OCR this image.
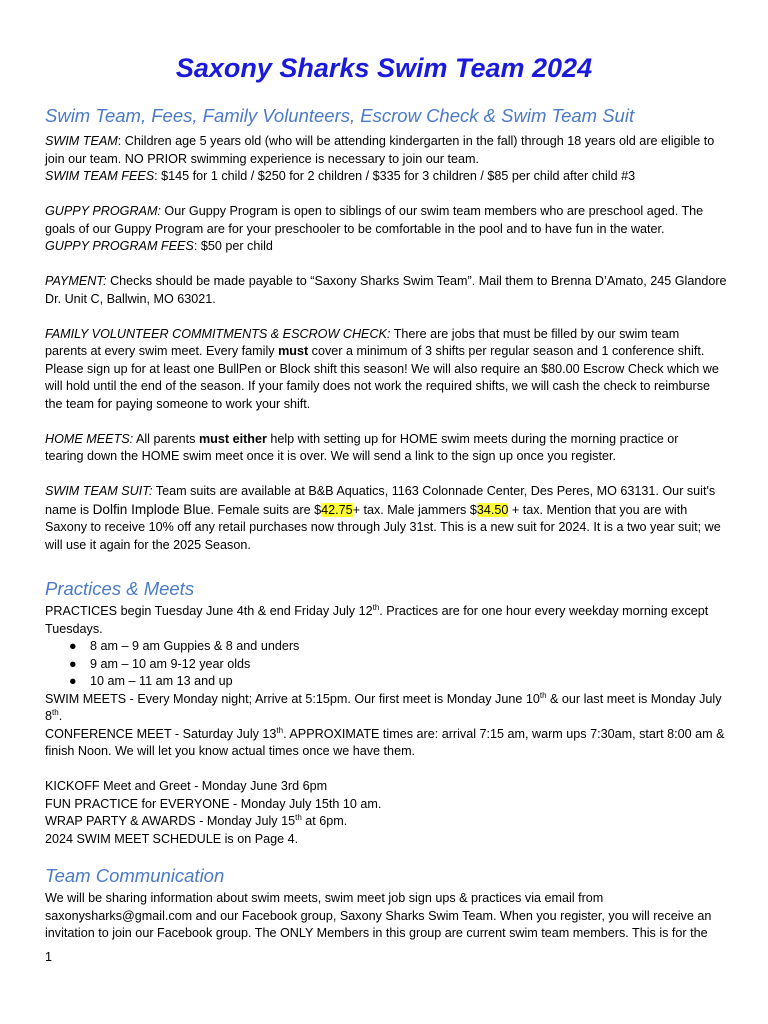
Saxony Sharks Swim Team 2024
Swim Team, Fees, Family Volunteers, Escrow Check & Swim Team Suit

SWIM TEAM: Children age 5 years old (who will be attending kindergarten in the fall) through 18 years old are eligible to

join our team. NO PRIOR swimming experience is necessary to join our team.

SWIM TEAM FEES: $145 for 1 child / $250 for 2 children / $335 for 3 children / $85 per child after child #3

GUPPY PROGRAM: Our Guppy Program is open to siblings of our swim team members who are preschool aged. The

goals of our Guppy Program are for your preschooler to be comfortable in the pool and to have fun in the water.

GUPPY PROGRAM FEES: $50 per child

PAYMENT: Checks should be made payable to “Saxony Sharks Swim Team”. Mail them to Brenna D’Amato, 245 Glandore

Dr. Unit C, Ballwin, MO 63021.

FAMILY VOLUNTEER COMMITMENTS & ESCROW CHECK: There are jobs that must be filled by our swim team

parents at every swim meet. Every family must cover a minimum of 3 shifts per regular season and 1 conference shift.

Please sign up for at least one BullPen or Block shift this season! We will also require an $80.00 Escrow Check which we

will hold until the end of the season. If your family does not work the required shifts, we will cash the check to reimburse

the team for paying someone to work your shift.

HOME MEETS: All parents must either help with setting up for HOME swim meets during the morning practice or

tearing down the HOME swim meet once it is over. We will send a link to the sign up once you register.

SWIM TEAM SUIT: Team suits are available at B&B Aquatics, 1163 Colonnade Center, Des Peres, MO 63131. Our suit's

name is Dolfin Implode Blue. Female suits are $42.75+ tax. Male jammers $34.50 + tax. Mention that you are with

Saxony to receive 10% off any retail purchases now through July 31st. This is a new suit for 2024. It is a two year suit; we

will use it again for the 2025 Season.

Practices & Meets

PRACTICES begin Tuesday June 4th & end Friday July 12th. Practices are for one hour every weekday morning except

Tuesdays.

● 8 am – 9 am Guppies & 8 and unders
● 9 am – 10 am 9-12 year olds
● 10 am – 11 am 13 and up

SWIM MEETS - Every Monday night; Arrive at 5:15pm. Our first meet is Monday June 10th & our last meet is Monday July

8th.

CONFERENCE MEET - Saturday July 13th. APPROXIMATE times are: arrival 7:15 am, warm ups 7:30am, start 8:00 am &

finish Noon. We will let you know actual times once we have them.

KICKOFF Meet and Greet - Monday June 3rd 6pm

FUN PRACTICE for EVERYONE - Monday July 15th 10 am.

WRAP PARTY & AWARDS - Monday July 15th at 6pm.

2024 SWIM MEET SCHEDULE is on Page 4.

Team Communication

We will be sharing information about swim meets, swim meet job sign ups & practices via email from

saxonysharks@gmail.com and our Facebook group, Saxony Sharks Swim Team. When you register, you will receive an

invitation to join our Facebook group. The ONLY Members in this group are current swim team members. This is for the

1
